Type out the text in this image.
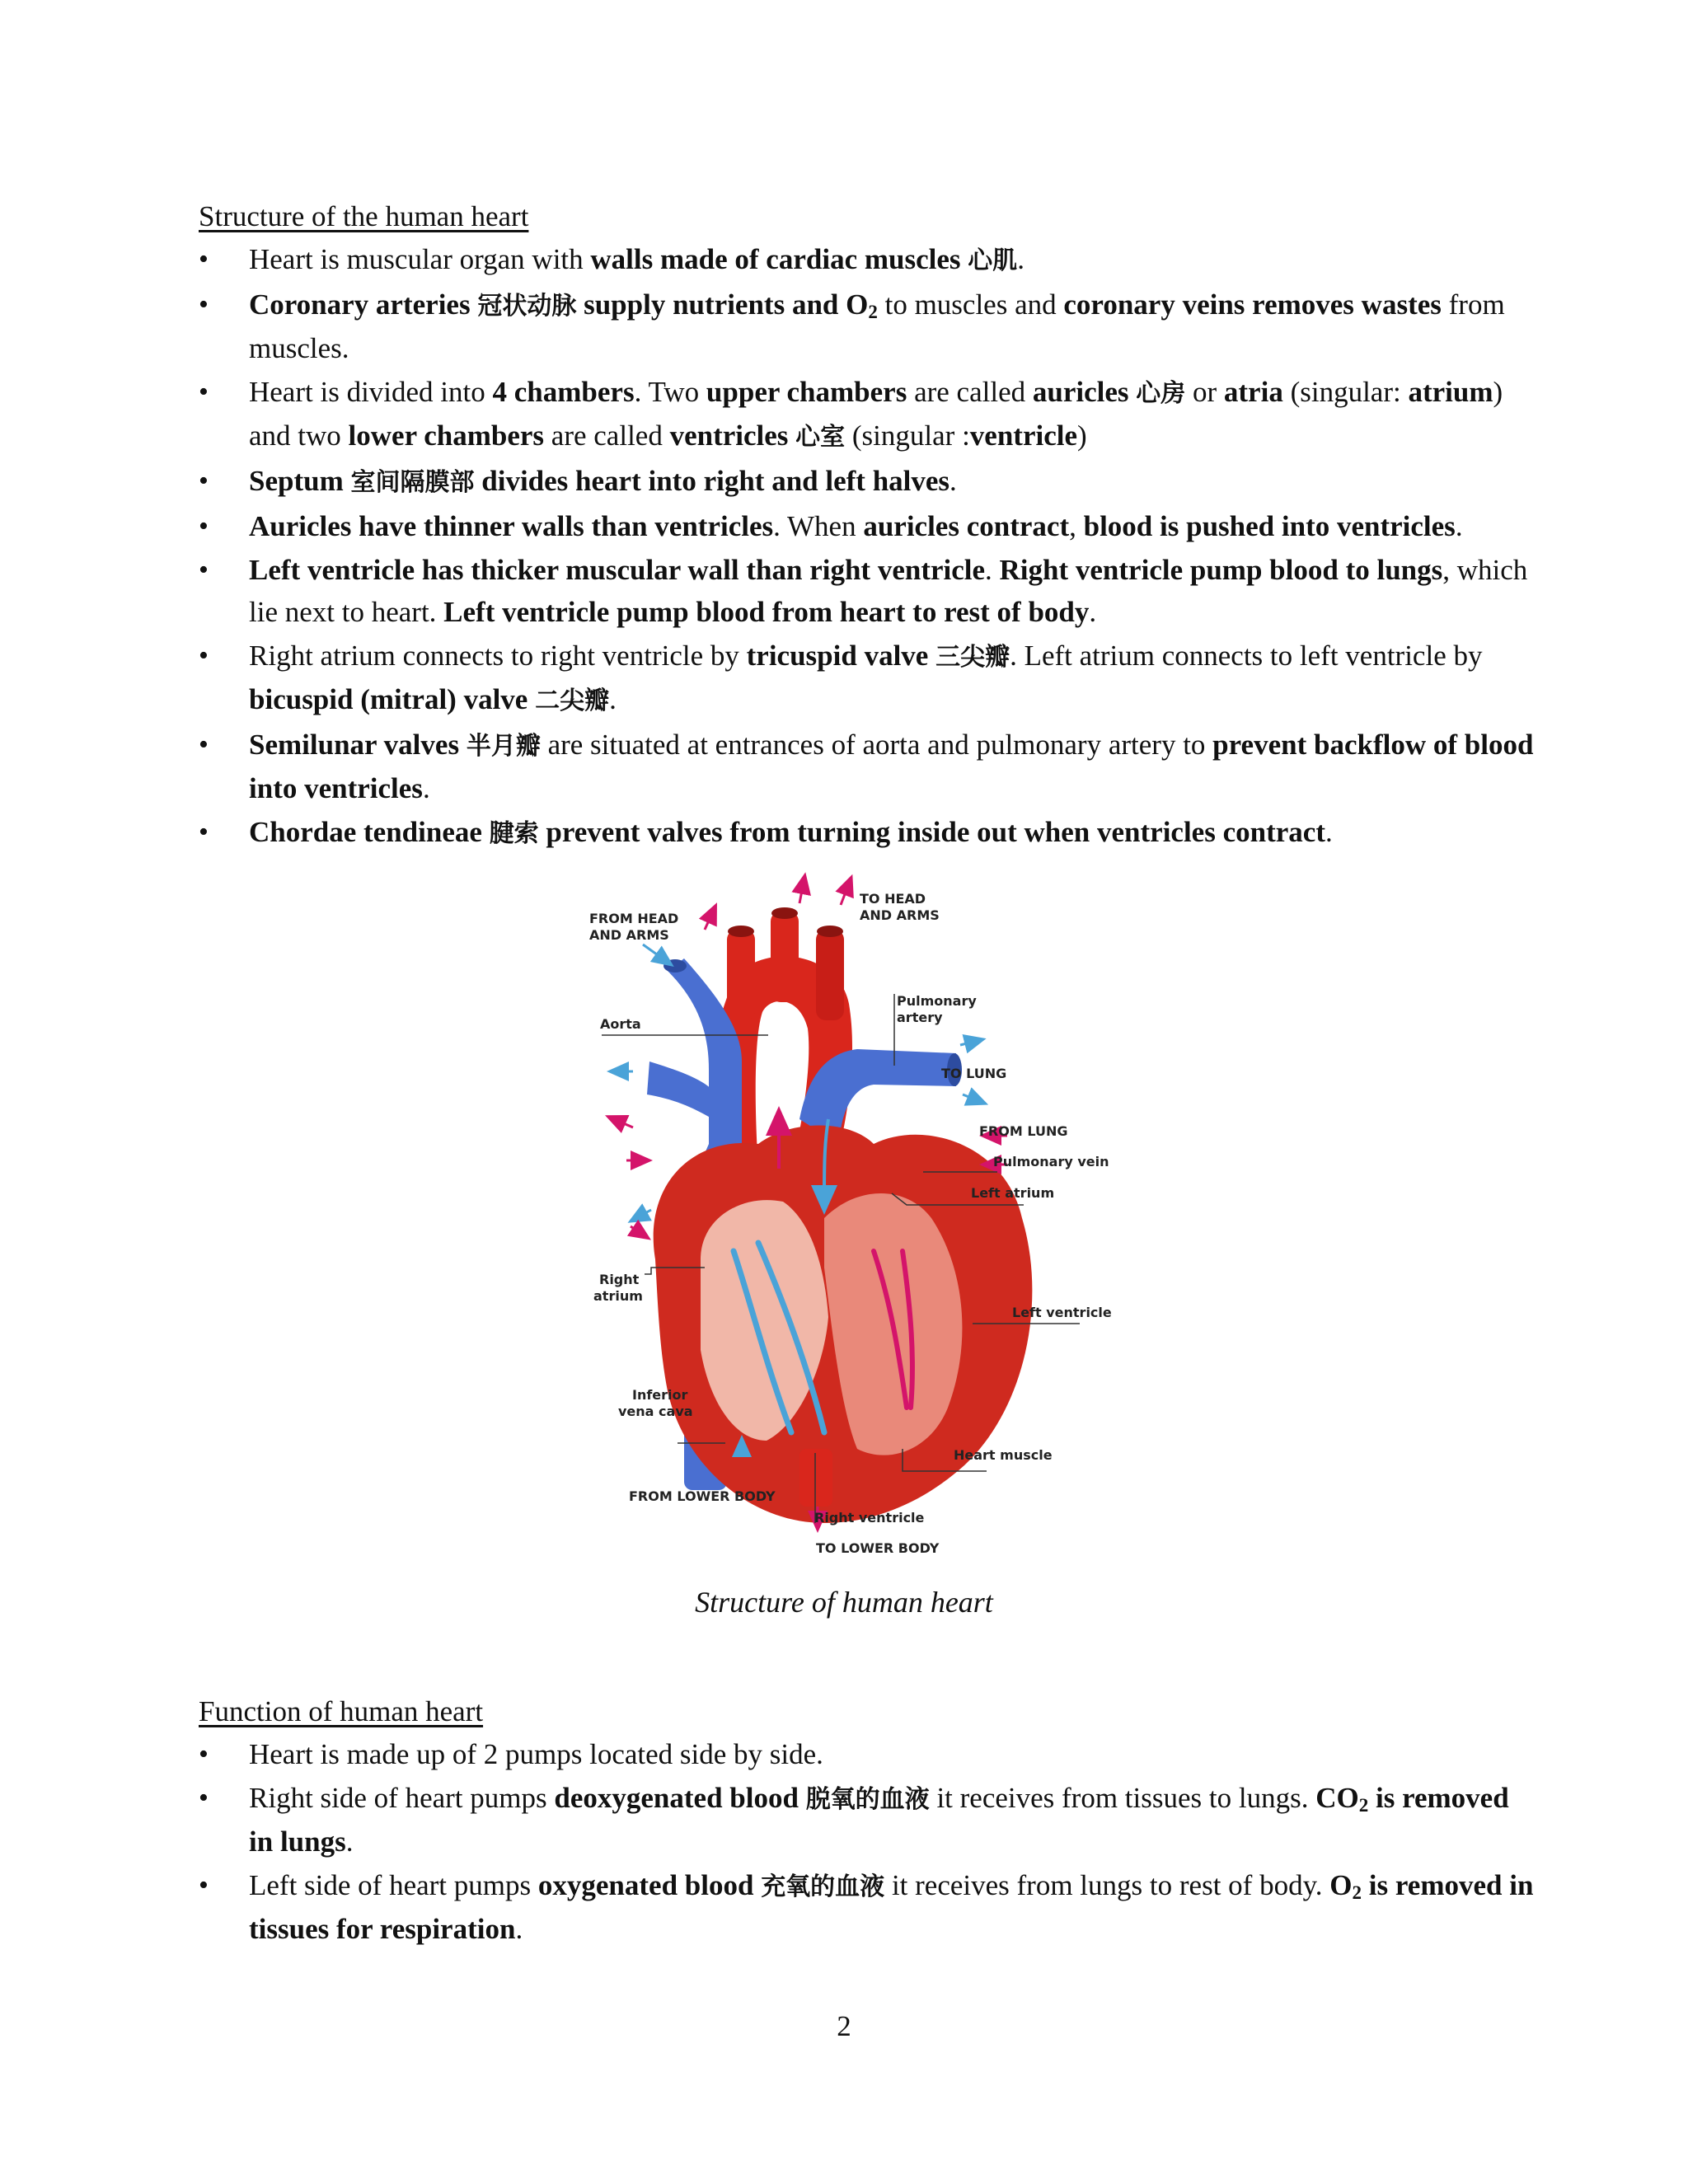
Structure of the human heart
• Heart is muscular organ with walls made of cardiac muscles 心肌.
• Coronary arteries 冠状动脉 supply nutrients and $O_2$ to muscles and coronary veins removes wastes from muscles.
• Heart is divided into 4 chambers. Two upper chambers are called auricles 心房 or atria (singular: atrium) and two lower chambers are called ventricles 心室 (singular :ventricle)
• Septum 室间隔膜部 divides heart into right and left halves.
• Auricles have thinner walls than ventricles. When auricles contract, blood is pushed into ventricles.
• Left ventricle has thicker muscular wall than right ventricle. Right ventricle pump blood to lungs, which lie next to heart. Left ventricle pump blood from heart to rest of body.
• Right atrium connects to right ventricle by tricuspid valve 三尖瓣. Left atrium connects to left ventricle by bicuspid (mitral) valve 二尖瓣.
• Semilunar valves 半月瓣 are situated at entrances of aorta and pulmonary artery to prevent backflow of blood into ventricles.
• Chordae tendineae 腱索 prevent valves from turning inside out when ventricles contract.
FROM HEAD
AND ARMS
TO HEAD
AND ARMS
Aorta
Pulmonary
artery
TO LUNG
FROM LUNG
Pulmonary vein
Left atrium
Right
atrium
Left ventricle
Inferior
vena cava
Heart muscle
FROM LOWER BODY
Right ventricle
TO LOWER BODY
Structure of human heart
Function of human heart
• Heart is made up of 2 pumps located side by side.
• Right side of heart pumps deoxygenated blood 脱氧的血液 it receives from tissues to lungs. $CO_2$ is removed in lungs.
• Left side of heart pumps oxygenated blood 充氧的血液 it receives from lungs to rest of body. $O_2$ is removed in tissues for respiration.
2
